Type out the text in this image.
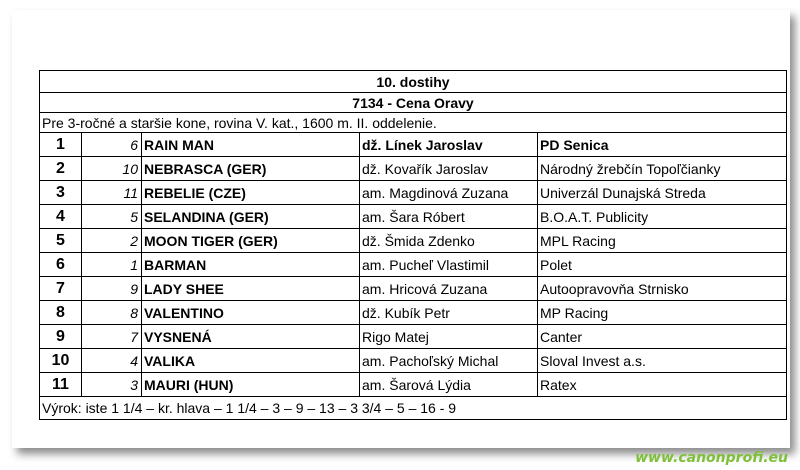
10. dostihy
7134 - Cena Oravy
Pre 3-ročné a staršie kone, rovina V. kat., 1600 m. II. oddelenie.
1	6 RAIN MAN	dž. Línek Jaroslav	PD Senica
2	10 NEBRASCA (GER)	dž. Kovařík Jaroslav	Národný žrebčín Topoľčianky
3	11 REBELIE (CZE)	am. Magdinová Zuzana	Univerzál Dunajská Streda
4	5 SELANDINA (GER)	am. Šara Róbert	B.O.A.T. Publicity
5	2 MOON TIGER (GER)	dž. Šmida Zdenko	MPL Racing
6	1 BARMAN	am. Pucheľ Vlastimil	Polet
7	9 LADY SHEE	am. Hricová Zuzana	Autoopravovňa Strnisko
8	8 VALENTINO	dž. Kubík Petr	MP Racing
9	7 VYSNENÁ	Rigo Matej	Canter
10	4 VALIKA	am. Pachoľský Michal	Sloval Invest a.s.
11	3 MAURI (HUN)	am. Šarová Lýdia	Ratex
Výrok: iste 1 1/4 – kr. hlava – 1 1/4 – 3 – 9 – 13 – 3 3/4 – 5 – 16 - 9
www.canonprofi.eu
